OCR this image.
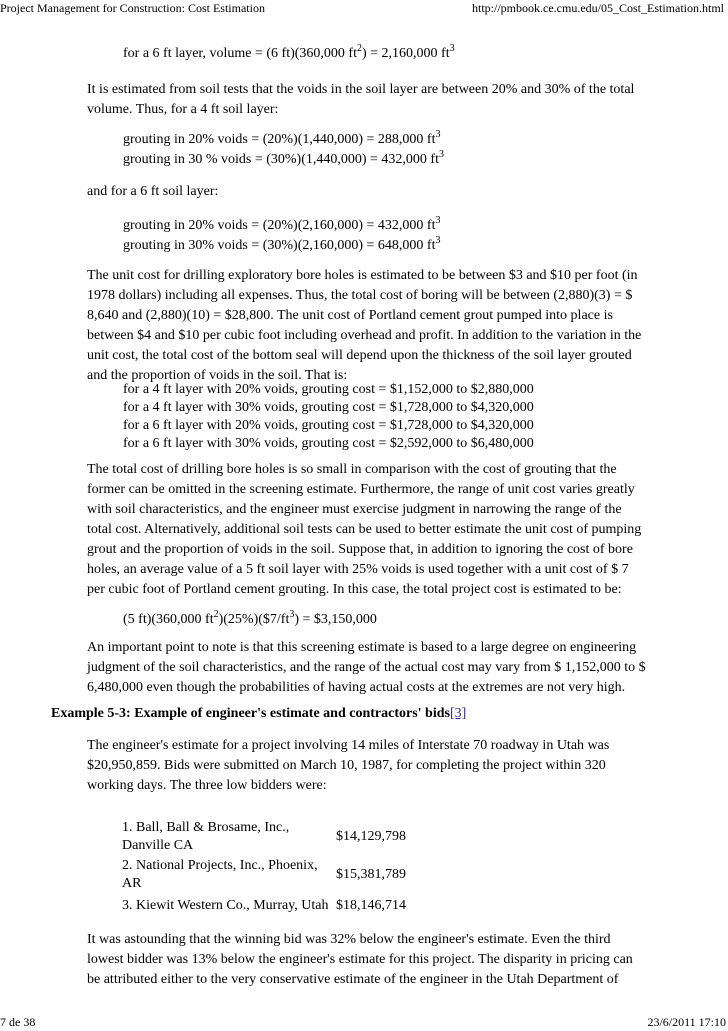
Project Management for Construction: Cost Estimation	http://pmbook.ce.cmu.edu/05_Cost_Estimation.html
for a 6 ft layer, volume = (6 ft)(360,000 $ft^2) = 2,160,000$ $ft^3$

It is estimated from soil tests that the voids in the soil layer are between 20% and 30% of the total volume. Thus, for a 4 ft soil layer:

grouting in 20% voids = (20%)(1,440,000) = 288,000 $ft^3$
grouting in 30 % voids = (30%)(1,440,000) = 432,000 $ft^3$
and for a 6 ft soil layer:
grouting in 20% voids = (20%)(2,160,000) = 432,000 $ft^3$
grouting in 30% voids = (30%)(2,160,000) = 648,000 $ft^3$

The unit cost for drilling exploratory bore holes is estimated to be between $3 and $10 per foot (in 1978 dollars) including all expenses. Thus, the total cost of boring will be between (2,880)(3) = $ 8,640 and (2,880)(10) = $28,800. The unit cost of Portland cement grout pumped into place is between $4 and $10 per cubic foot including overhead and profit. In addition to the variation in the unit cost, the total cost of the bottom seal will depend upon the thickness of the soil layer grouted and the proportion of voids in the soil. That is:

for a 4 ft layer with 20% voids, grouting cost = $1,152,000 to $2,880,000
for a 4 ft layer with 30% voids, grouting cost = $1,728,000 to $4,320,000
for a 6 ft layer with 20% voids, grouting cost = $1,728,000 to $4,320,000
for a 6 ft layer with 30% voids, grouting cost = $2,592,000 to $6,480,000

The total cost of drilling bore holes is so small in comparison with the cost of grouting that the former can be omitted in the screening estimate. Furthermore, the range of unit cost varies greatly with soil characteristics, and the engineer must exercise judgment in narrowing the range of the total cost. Alternatively, additional soil tests can be used to better estimate the unit cost of pumping grout and the proportion of voids in the soil. Suppose that, in addition to ignoring the cost of bore holes, an average value of a 5 ft soil layer with 25% voids is used together with a unit cost of $ 7 per cubic foot of Portland cement grouting. In this case, the total project cost is estimated to be:

(5 ft)(360,000 $ft^2)(25\%)(\$7/ft^3)$ = $3,150,000

An important point to note is that this screening estimate is based to a large degree on engineering judgment of the soil characteristics, and the range of the actual cost may vary from $ 1,152,000 to $ 6,480,000 even though the probabilities of having actual costs at the extremes are not very high.

Example 5-3: Example of engineer's estimate and contractors' bids[3]

The engineer's estimate for a project involving 14 miles of Interstate 70 roadway in Utah was $20,950,859. Bids were submitted on March 10, 1987, for completing the project within 320 working days. The three low bidders were:

1. Ball, Ball & Brosame, Inc., Danville CA	$14,129,798
2. National Projects, Inc., Phoenix, AR	$15,381,789
3. Kiewit Western Co., Murray, Utah	$18,146,714

It was astounding that the winning bid was 32% below the engineer's estimate. Even the third lowest bidder was 13% below the engineer's estimate for this project. The disparity in pricing can be attributed either to the very conservative estimate of the engineer in the Utah Department of

7 de 38	23/6/2011 17:10
